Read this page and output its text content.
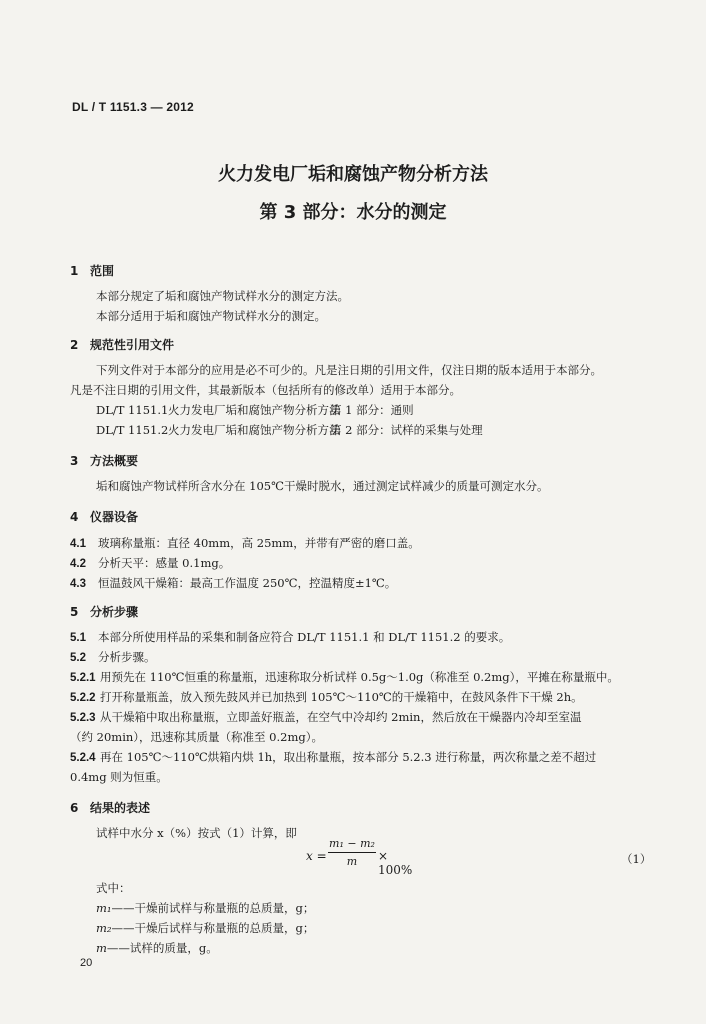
DL / T 1151.3 — 2012
火力发电厂垢和腐蚀产物分析方法
第 3 部分：水分的测定
1 范围
本部分规定了垢和腐蚀产物试样水分的测定方法。
本部分适用于垢和腐蚀产物试样水分的测定。
2 规范性引用文件
下列文件对于本部分的应用是必不可少的。凡是注日期的引用文件，仅注日期的版本适用于本部分。
凡是不注日期的引用文件，其最新版本（包括所有的修改单）适用于本部分。
DL/T 1151.1火力发电厂垢和腐蚀产物分析方法第 1 部分：通则
DL/T 1151.2火力发电厂垢和腐蚀产物分析方法第 2 部分：试样的采集与处理
3 方法概要
垢和腐蚀产物试样所含水分在 105℃干燥时脱水，通过测定试样减少的质量可测定水分。
4 仪器设备
4.1 玻璃称量瓶：直径 40mm，高 25mm，并带有严密的磨口盖。
4.2 分析天平：感量 0.1mg。
4.3 恒温鼓风干燥箱：最高工作温度 250℃，控温精度±1℃。
5 分析步骤
5.1 本部分所使用样品的采集和制备应符合 DL/T 1151.1 和 DL/T 1151.2 的要求。
5.2 分析步骤。
5.2.1 用预先在 110℃恒重的称量瓶，迅速称取分析试样 0.5g～1.0g（称准至 0.2mg），平摊在称量瓶中。
5.2.2 打开称量瓶盖，放入预先鼓风并已加热到 105℃～110℃的干燥箱中，在鼓风条件下干燥 2h。
5.2.3 从干燥箱中取出称量瓶，立即盖好瓶盖，在空气中冷却约 2min，然后放在干燥器内冷却至室温
（约 20min），迅速称其质量（称准至 0.2mg）。
5.2.4 再在 105℃～110℃烘箱内烘 1h，取出称量瓶，按本部分 5.2.3 进行称量，两次称量之差不超过
0.4mg 则为恒重。
6 结果的表述
试样中水分 x（%）按式（1）计算，即
$x = \frac{\text{m₁ − m₂}}{m} \times 100\%$
（1）
式中：
m₁——干燥前试样与称量瓶的总质量，g；
m₂——干燥后试样与称量瓶的总质量，g；
m——试样的质量，g。
20
